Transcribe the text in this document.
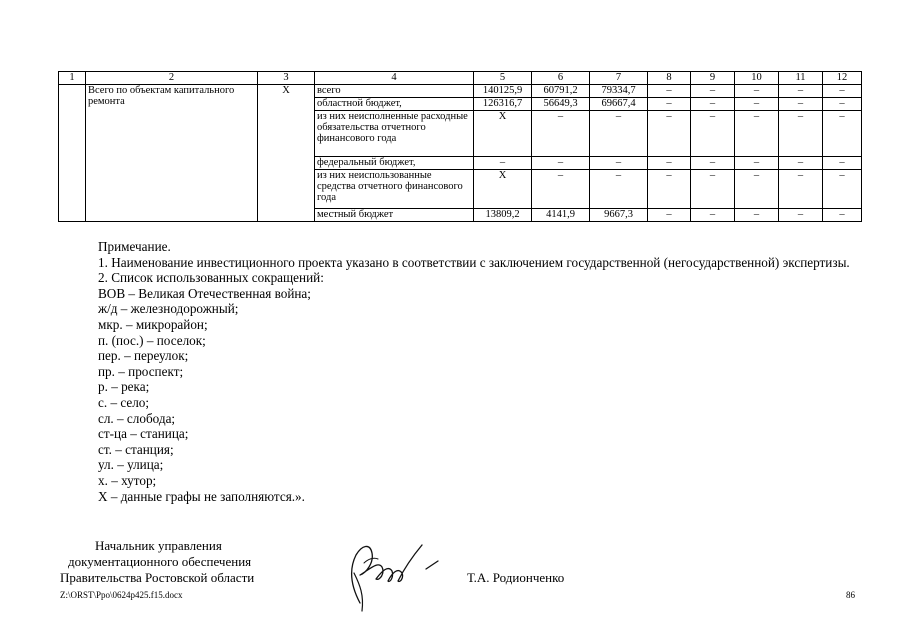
1	2	3	4	5	6	7	8	9	10	11	12
	Всего по объектам капитального ремонта	Х	всего	140125,9	60791,2	79334,7	–	–	–	–	–
			областной бюджет,	126316,7	56649,3	69667,4	–	–	–	–	–
			из них неисполненные расходные обязательства отчетного финансового года	Х	–	–	–	–	–	–	–
			федеральный бюджет,	–	–	–	–	–	–	–	–
			из них неиспользованные средства отчетного финансового года	Х	–	–	–	–	–	–	–
			местный бюджет	13809,2	4141,9	9667,3	–	–	–	–	–
Примечание.
1. Наименование инвестиционного проекта указано в соответствии с заключением государственной (негосударственной) экспертизы.
2. Список использованных сокращений:
ВОВ – Великая Отечественная война;
ж/д – железнодорожный;
мкр. – микрорайон;
п. (пос.) – поселок;
пер. – переулок;
пр. – проспект;
р. – река;
с. – село;
сл. – слобода;
ст-ца – станица;
ст. – станция;
ул. – улица;
х. – хутор;
Х – данные графы не заполняются.».
Начальник управления
документационного обеспечения
Правительства Ростовской области	Т.А. Родионченко
Z:\ORST\Ppo\0624p425.f15.docx	86
